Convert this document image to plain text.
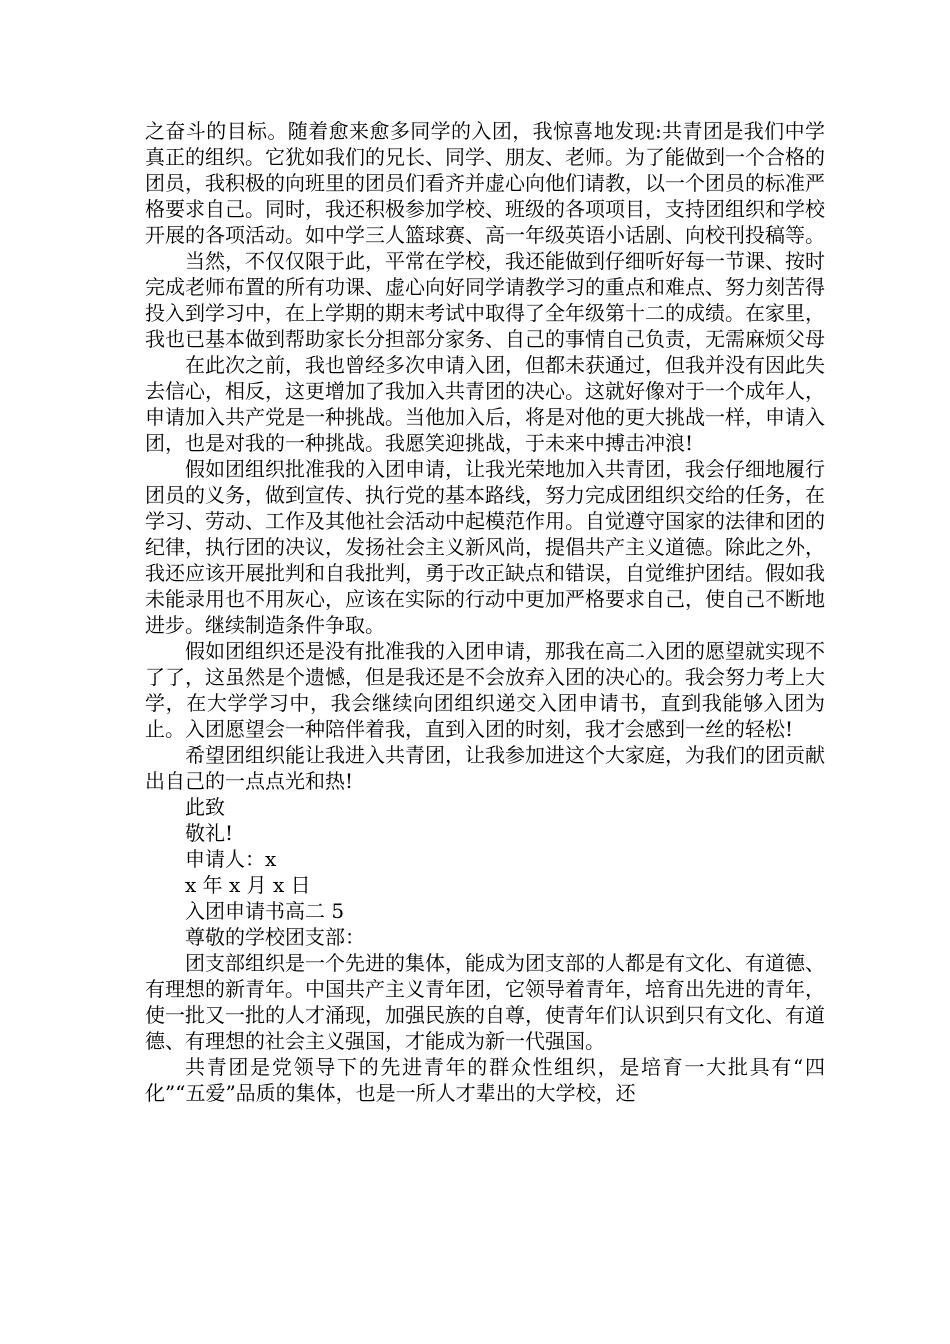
之奋斗的目标。随着愈来愈多同学的入团，我惊喜地发现:共青团是我们中学真正的组织。它犹如我们的兄长、同学、朋友、老师。为了能做到一个合格的团员，我积极的向班里的团员们看齐并虚心向他们请教，以一个团员的标准严格要求自己。同时，我还积极参加学校、班级的各项项目，支持团组织和学校开展的各项活动。如中学三人篮球赛、高一年级英语小话剧、向校刊投稿等。

当然，不仅仅限于此，平常在学校，我还能做到仔细听好每一节课、按时完成老师布置的所有功课、虚心向好同学请教学习的重点和难点、努力刻苦得投入到学习中，在上学期的期末考试中取得了全年级第十二的成绩。在家里，我也已基本做到帮助家长分担部分家务、自己的事情自己负责，无需麻烦父母

在此次之前，我也曾经多次申请入团，但都未获通过，但我并没有因此失去信心，相反，这更增加了我加入共青团的决心。这就好像对于一个成年人，申请加入共产党是一种挑战。当他加入后，将是对他的更大挑战一样，申请入团，也是对我的一种挑战。我愿笑迎挑战，于未来中搏击冲浪!

假如团组织批准我的入团申请，让我光荣地加入共青团，我会仔细地履行团员的义务，做到宣传、执行党的基本路线，努力完成团组织交给的任务，在学习、劳动、工作及其他社会活动中起模范作用。自觉遵守国家的法律和团的纪律，执行团的决议，发扬社会主义新风尚，提倡共产主义道德。除此之外，我还应该开展批判和自我批判，勇于改正缺点和错误，自觉维护团结。假如我未能录用也不用灰心，应该在实际的行动中更加严格要求自己，使自己不断地进步。继续制造条件争取。

假如团组织还是没有批准我的入团申请，那我在高二入团的愿望就实现不了了，这虽然是个遗憾，但是我还是不会放弃入团的决心的。我会努力考上大学，在大学学习中，我会继续向团组织递交入团申请书，直到我能够入团为止。入团愿望会一种陪伴着我，直到入团的时刻，我才会感到一丝的轻松!

希望团组织能让我进入共青团，让我参加进这个大家庭，为我们的团贡献出自己的一点点光和热!

此致

敬礼!

申请人：x

x 年 x 月 x 日

入团申请书高二 5

尊敬的学校团支部：

团支部组织是一个先进的集体，能成为团支部的人都是有文化、有道德、有理想的新青年。中国共产主义青年团，它领导着青年，培育出先进的青年，使一批又一批的人才涌现，加强民族的自尊，使青年们认识到只有文化、有道德、有理想的社会主义强国，才能成为新一代强国。

共青团是党领导下的先进青年的群众性组织，是培育一大批具有“四化”“五爱”品质的集体，也是一所人才辈出的大学校，还
